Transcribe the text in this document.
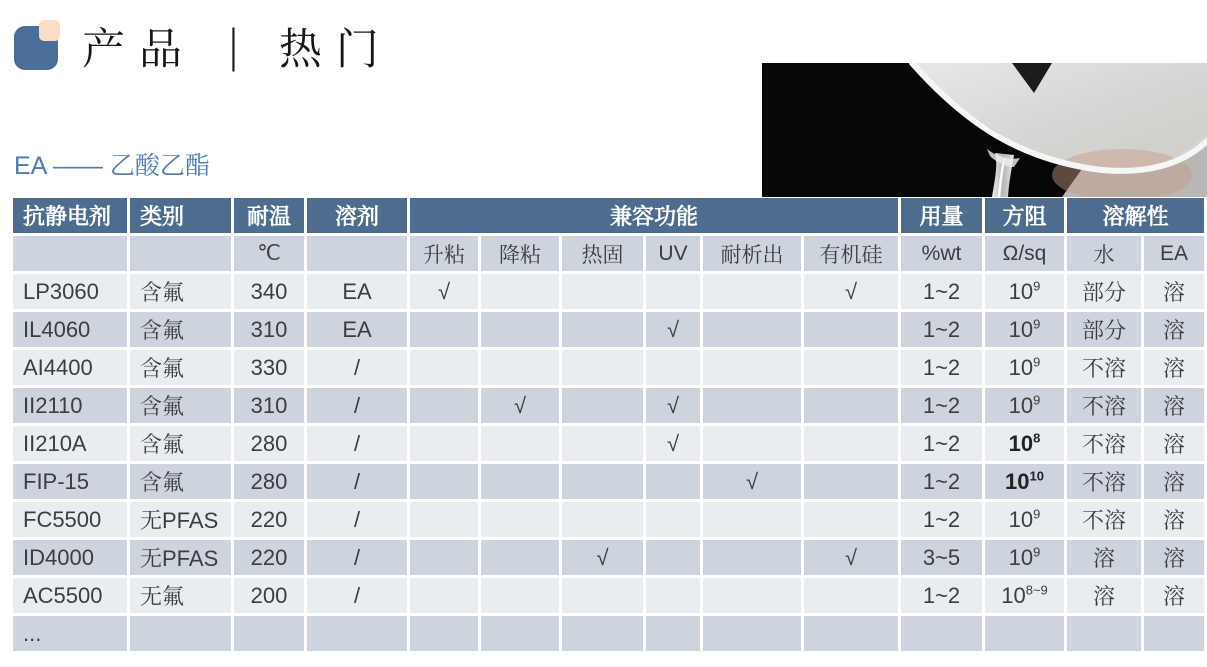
产品 | 热门
EA —— 乙酸乙酯
抗静电剂	类别	耐温	溶剂	兼容功能						用量	方阻	溶解性	
		℃		升粘	降粘	热固	UV	耐析出	有机硅	%wt	Ω/sq	水	EA
LP3060	含氟	340	EA	√					√	1~2	$10^9$	部分	溶
IL4060	含氟	310	EA				√			1~2	$10^9$	部分	溶
AI4400	含氟	330	/							1~2	$10^9$	不溶	溶
II2110	含氟	310	/		√		√			1~2	$10^9$	不溶	溶
II210A	含氟	280	/				√			1~2	$10^8$	不溶	溶
FIP-15	含氟	280	/					√		1~2	$10^{10}$	不溶	溶
FC5500	无PFAS	220	/							1~2	$10^9$	不溶	溶
ID4000	无PFAS	220	/			√			√	3~5	$10^9$	溶	溶
AC5500	无氟	200	/							1~2	$10^{8\sim 9}$	溶	溶
...													
